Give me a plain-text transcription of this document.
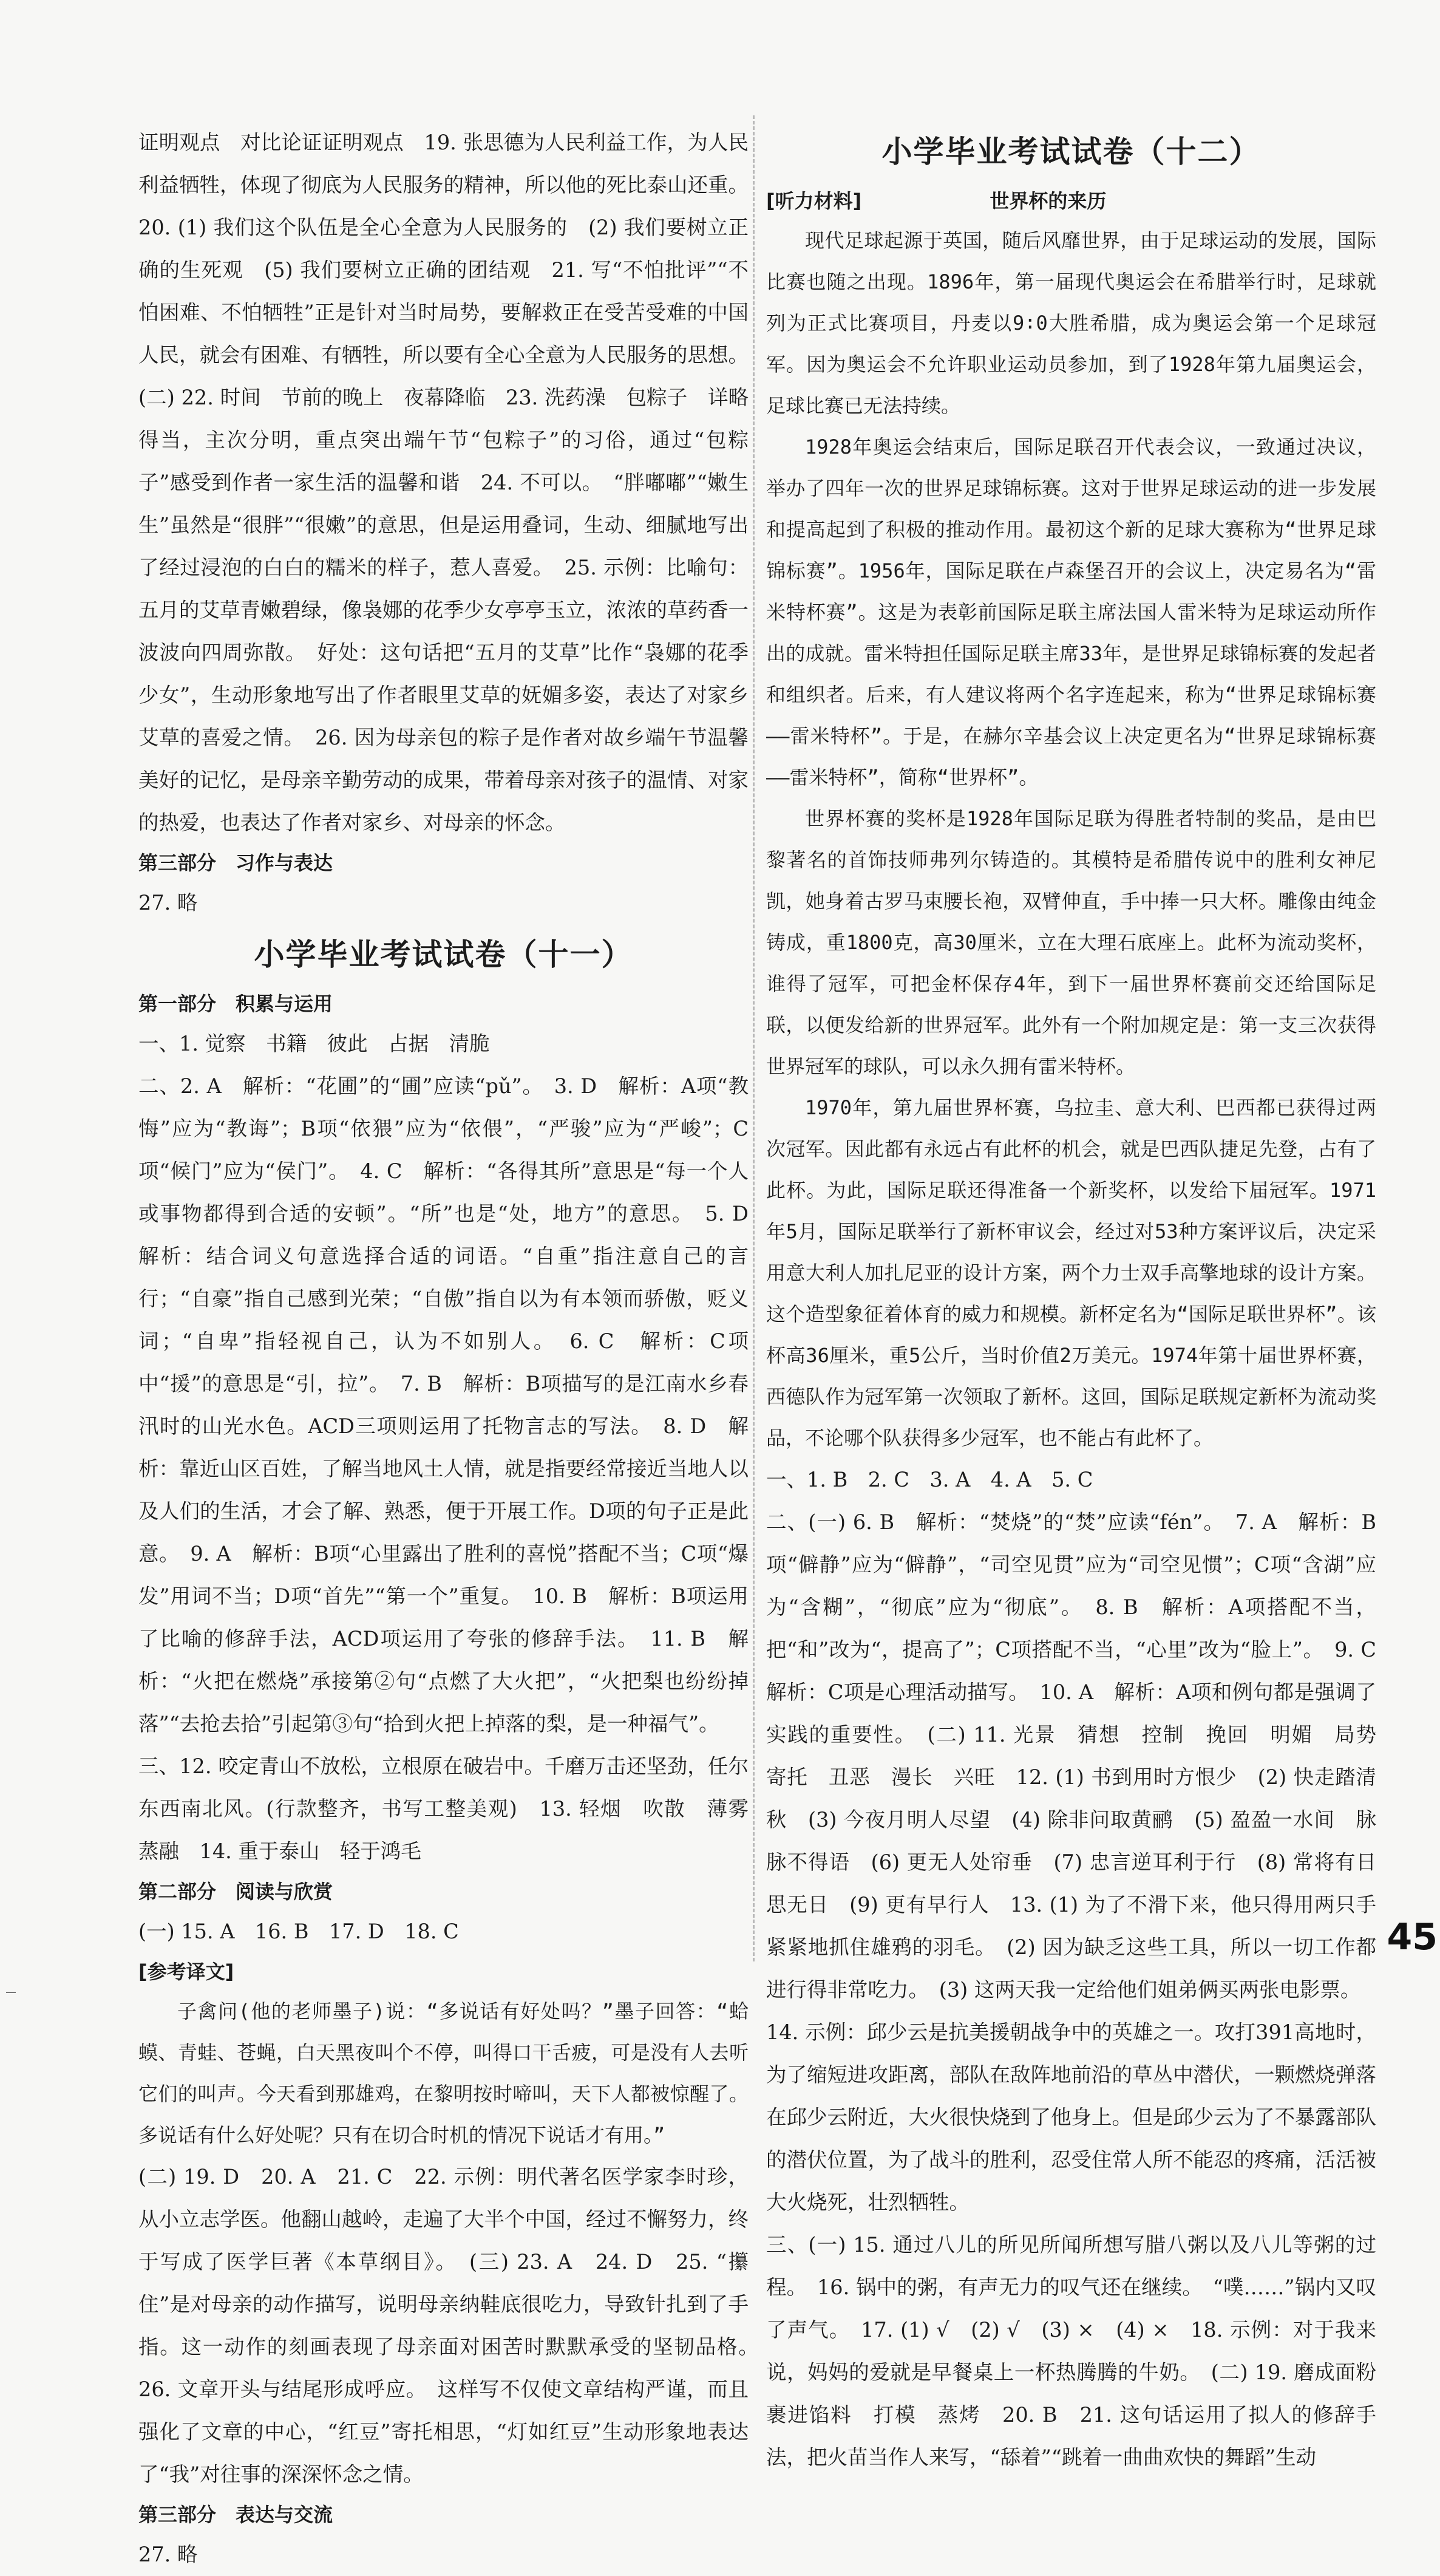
证明观点　对比论证证明观点　19. 张思德为人民利益工作，为人民利益牺牲，体现了彻底为人民服务的精神，所以他的死比泰山还重。

20. (1) 我们这个队伍是全心全意为人民服务的　(2) 我们要树立正确的生死观　(5) 我们要树立正确的团结观　21. 写“不怕批评”“不怕困难、不怕牺牲”正是针对当时局势，要解救正在受苦受难的中国人民，就会有困难、有牺牲，所以要有全心全意为人民服务的思想。

(二) 22. 时间　节前的晚上　夜幕降临　23. 洗药澡　包粽子　详略得当，主次分明，重点突出端午节“包粽子”的习俗，通过“包粽子”感受到作者一家生活的温馨和谐　24. 不可以。　“胖嘟嘟”“嫩生生”虽然是“很胖”“很嫩”的意思，但是运用叠词，生动、细腻地写出了经过浸泡的白白的糯米的样子，惹人喜爱。　25. 示例：比喻句：五月的艾草青嫩碧绿，像袅娜的花季少女亭亭玉立，浓浓的草药香一波波向四周弥散。　好处：这句话把“五月的艾草”比作“袅娜的花季少女”，生动形象地写出了作者眼里艾草的妩媚多姿，表达了对家乡艾草的喜爱之情。　26. 因为母亲包的粽子是作者对故乡端午节温馨美好的记忆，是母亲辛勤劳动的成果，带着母亲对孩子的温情、对家的热爱，也表达了作者对家乡、对母亲的怀念。

第三部分　习作与表达

27. 略

小学毕业考试试卷（十一）
第一部分　积累与运用

一、1. 觉察　书籍　彼此　占据　清脆

二、2. A　解析：“花圃”的“圃”应读“pǔ”。　3. D　解析：A项“教悔”应为“教诲”；B项“依猥”应为“依偎”，“严骏”应为“严峻”；C项“候门”应为“侯门”。　4. C　解析：“各得其所”意思是“每一个人或事物都得到合适的安顿”。“所”也是“处，地方”的意思。　5. D　解析：结合词义句意选择合适的词语。“自重”指注意自己的言行；“自豪”指自己感到光荣；“自傲”指自以为有本领而骄傲，贬义词；“自卑”指轻视自己，认为不如别人。　6. C　解析：C项中“援”的意思是“引，拉”。　7. B　解析：B项描写的是江南水乡春汛时的山光水色。ACD三项则运用了托物言志的写法。　8. D　解析：靠近山区百姓，了解当地风土人情，就是指要经常接近当地人以及人们的生活，才会了解、熟悉，便于开展工作。D项的句子正是此意。　9. A　解析：B项“心里露出了胜利的喜悦”搭配不当；C项“爆发”用词不当；D项“首先”“第一个”重复。　10. B　解析：B项运用了比喻的修辞手法，ACD项运用了夸张的修辞手法。　11. B　解析：“火把在燃烧”承接第②句“点燃了大火把”，“火把梨也纷纷掉落”“去抢去拾”引起第③句“拾到火把上掉落的梨，是一种福气”。

三、12. 咬定青山不放松，立根原在破岩中。千磨万击还坚劲，任尔东西南北风。(行款整齐，书写工整美观)　13. 轻烟　吹散　薄雾　蒸融　14. 重于泰山　轻于鸿毛

第二部分　阅读与欣赏

(一) 15. A　16. B　17. D　18. C

[参考译文]

子禽问(他的老师墨子)说：“多说话有好处吗？”墨子回答：“蛤蟆、青蛙、苍蝇，白天黑夜叫个不停，叫得口干舌疲，可是没有人去听它们的叫声。今天看到那雄鸡，在黎明按时啼叫，天下人都被惊醒了。多说话有什么好处呢？只有在切合时机的情况下说话才有用。”

(二) 19. D　20. A　21. C　22. 示例：明代著名医学家李时珍，从小立志学医。他翻山越岭，走遍了大半个中国，经过不懈努力，终于写成了医学巨著《本草纲目》。　(三) 23. A　24. D　25. “攥住”是对母亲的动作描写，说明母亲纳鞋底很吃力，导致针扎到了手指。这一动作的刻画表现了母亲面对困苦时默默承受的坚韧品格。　26. 文章开头与结尾形成呼应。　这样写不仅使文章结构严谨，而且强化了文章的中心，“红豆”寄托相思，“灯如红豆”生动形象地表达了“我”对往事的深深怀念之情。

第三部分　表达与交流

27. 略

小学毕业考试试卷（十二）
[听力材料]	世界杯的来历

现代足球起源于英国，随后风靡世界，由于足球运动的发展，国际比赛也随之出现。1896年，第一届现代奥运会在希腊举行时，足球就列为正式比赛项目，丹麦以9∶0大胜希腊，成为奥运会第一个足球冠军。因为奥运会不允许职业运动员参加，到了1928年第九届奥运会，足球比赛已无法持续。

1928年奥运会结束后，国际足联召开代表会议，一致通过决议，举办了四年一次的世界足球锦标赛。这对于世界足球运动的进一步发展和提高起到了积极的推动作用。最初这个新的足球大赛称为“世界足球锦标赛”。1956年，国际足联在卢森堡召开的会议上，决定易名为“雷米特杯赛”。这是为表彰前国际足联主席法国人雷米特为足球运动所作出的成就。雷米特担任国际足联主席33年，是世界足球锦标赛的发起者和组织者。后来，有人建议将两个名字连起来，称为“世界足球锦标赛——雷米特杯”。于是，在赫尔辛基会议上决定更名为“世界足球锦标赛——雷米特杯”，简称“世界杯”。

世界杯赛的奖杯是1928年国际足联为得胜者特制的奖品，是由巴黎著名的首饰技师弗列尔铸造的。其模特是希腊传说中的胜利女神尼凯，她身着古罗马束腰长袍，双臂伸直，手中捧一只大杯。雕像由纯金铸成，重1800克，高30厘米，立在大理石底座上。此杯为流动奖杯，谁得了冠军，可把金杯保存4年，到下一届世界杯赛前交还给国际足联，以便发给新的世界冠军。此外有一个附加规定是：第一支三次获得世界冠军的球队，可以永久拥有雷米特杯。

1970年，第九届世界杯赛，乌拉圭、意大利、巴西都已获得过两次冠军。因此都有永远占有此杯的机会，就是巴西队捷足先登，占有了此杯。为此，国际足联还得准备一个新奖杯，以发给下届冠军。1971年5月，国际足联举行了新杯审议会，经过对53种方案评议后，决定采用意大利人加扎尼亚的设计方案，两个力士双手高擎地球的设计方案。这个造型象征着体育的威力和规模。新杯定名为“国际足联世界杯”。该杯高36厘米，重5公斤，当时价值2万美元。1974年第十届世界杯赛，西德队作为冠军第一次领取了新杯。这回，国际足联规定新杯为流动奖品，不论哪个队获得多少冠军，也不能占有此杯了。

一、1. B　2. C　3. A　4. A　5. C

二、(一) 6. B　解析：“焚烧”的“焚”应读“fén”。　7. A　解析：B项“僻静”应为“僻静”，“司空见贯”应为“司空见惯”；C项“含湖”应为“含糊”，“彻底”应为“彻底”。　8. B　解析：A项搭配不当，把“和”改为“，提高了”；C项搭配不当，“心里”改为“脸上”。　9. C　解析：C项是心理活动描写。　10. A　解析：A项和例句都是强调了实践的重要性。　(二) 11. 光景　猜想　控制　挽回　明媚　局势　寄托　丑恶　漫长　兴旺　12. (1) 书到用时方恨少　(2) 快走踏清秋　(3) 今夜月明人尽望　(4) 除非问取黄鹂　(5) 盈盈一水间　脉脉不得语　(6) 更无人处帘垂　(7) 忠言逆耳利于行　(8) 常将有日思无日　(9) 更有早行人　13. (1) 为了不滑下来，他只得用两只手紧紧地抓住雄鸦的羽毛。　(2) 因为缺乏这些工具，所以一切工作都进行得非常吃力。　(3) 这两天我一定给他们姐弟俩买两张电影票。

14. 示例：邱少云是抗美援朝战争中的英雄之一。攻打391高地时，为了缩短进攻距离，部队在敌阵地前沿的草丛中潜伏，一颗燃烧弹落在邱少云附近，大火很快烧到了他身上。但是邱少云为了不暴露部队的潜伏位置，为了战斗的胜利，忍受住常人所不能忍的疼痛，活活被大火烧死，壮烈牺牲。

三、(一) 15. 通过八儿的所见所闻所想写腊八粥以及八儿等粥的过程。　16. 锅中的粥，有声无力的叹气还在继续。　“噗……”锅内又叹了声气。　17. (1) √　(2) √　(3) ×　(4) ×　18. 示例：对于我来说，妈妈的爱就是早餐桌上一杯热腾腾的牛奶。　(二) 19. 磨成面粉　裹进馅料　打模　蒸烤　20. B　21. 这句话运用了拟人的修辞手法，把火苗当作人来写，“舔着”“跳着一曲曲欢快的舞蹈”生动

45
